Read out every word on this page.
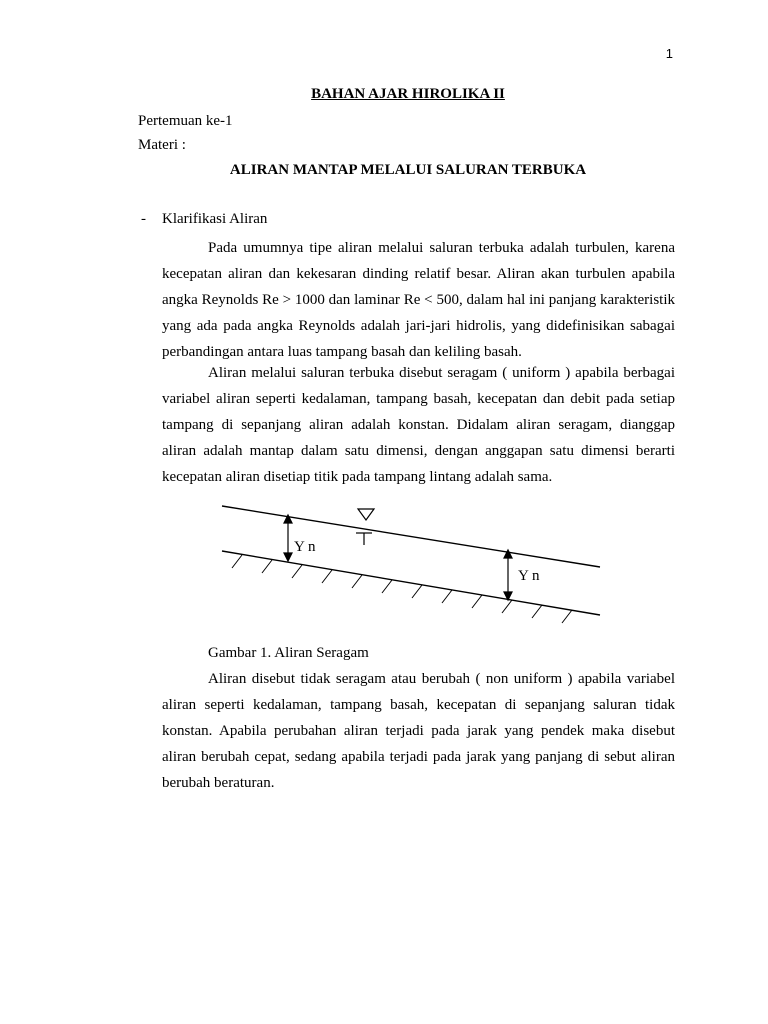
1
BAHAN AJAR HIROLIKA II
Pertemuan ke-1
Materi :
ALIRAN MANTAP MELALUI SALURAN TERBUKA
- Klarifikasi Aliran

Pada umumnya tipe aliran melalui saluran terbuka adalah turbulen, karena kecepatan aliran dan kekesaran dinding relatif besar. Aliran akan turbulen apabila angka Reynolds Re > 1000 dan laminar Re < 500, dalam hal ini panjang karakteristik yang ada pada angka Reynolds adalah jari-jari hidrolis, yang didefinisikan sabagai perbandingan antara luas tampang basah dan keliling basah.

Aliran melalui saluran terbuka disebut seragam ( uniform ) apabila berbagai variabel aliran seperti kedalaman, tampang basah, kecepatan dan debit pada setiap tampang di sepanjang aliran adalah konstan. Didalam aliran seragam, dianggap aliran adalah mantap dalam satu dimensi, dengan anggapan satu dimensi berarti kecepatan aliran disetiap titik pada tampang lintang adalah sama.

Y n
Y n
Gambar 1. Aliran Seragam

Aliran disebut tidak seragam atau berubah ( non uniform ) apabila variabel aliran seperti kedalaman, tampang basah, kecepatan di sepanjang saluran tidak konstan. Apabila perubahan aliran terjadi pada jarak yang pendek maka disebut aliran berubah cepat, sedang apabila terjadi pada jarak yang panjang di sebut aliran berubah beraturan.
